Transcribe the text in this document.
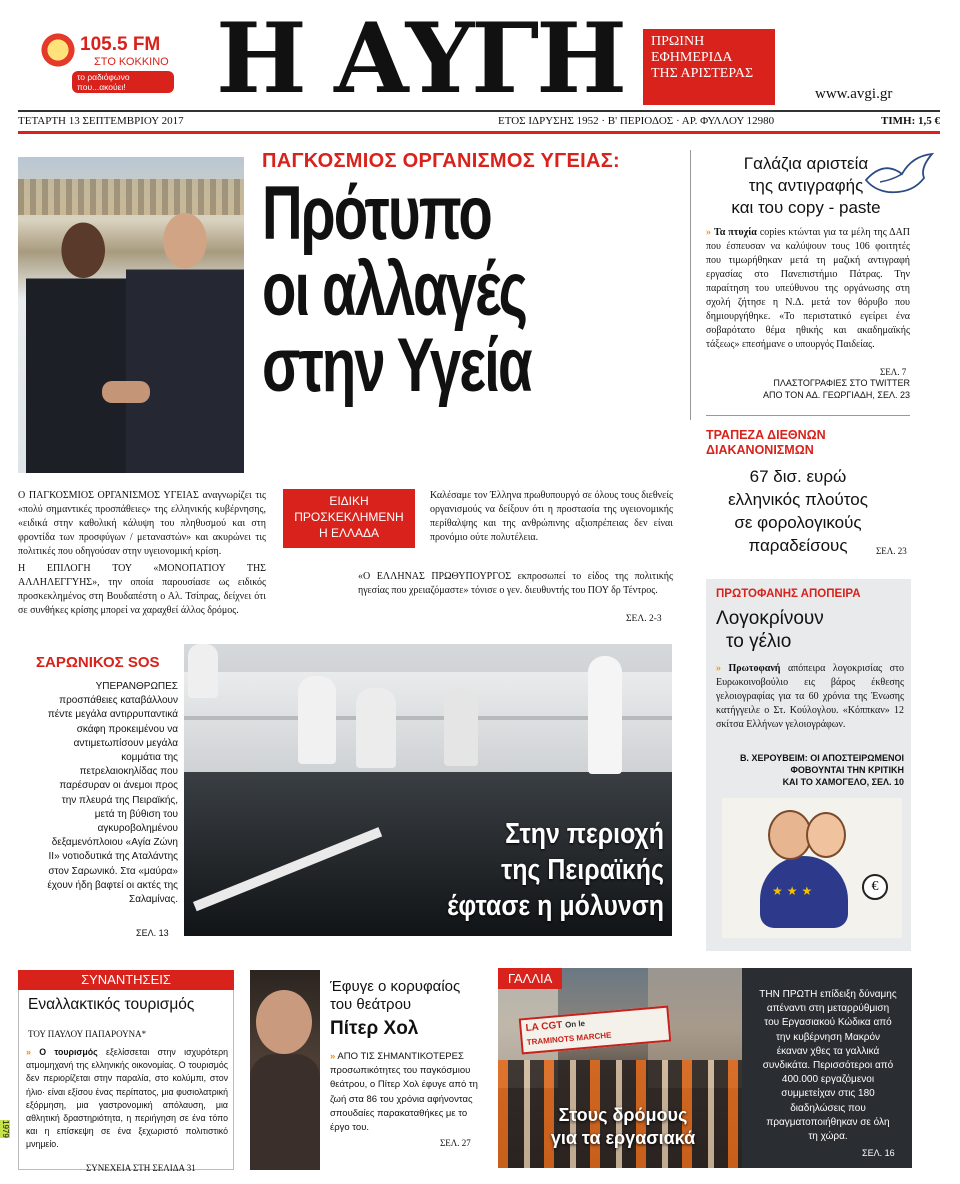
105.5 FM
ΣΤΟ ΚΟΚΚΙΝΟ
το ραδιόφωνο που...ακούει! Η ΑΥΓΗ ΠΡΩΙΝΗ
ΕΦΗΜΕΡΙΔΑ
ΤΗΣ ΑΡΙΣΤΕΡΑΣ
www.avgi.gr
ΤΕΤΑΡΤΗ 13 ΣΕΠΤΕΜΒΡΙΟΥ 2017	ΕΤΟΣ ΙΔΡΥΣΗΣ 1952 · Β' ΠΕΡΙΟΔΟΣ · ΑΡ. ΦΥΛΛΟΥ 12980	ΤΙΜΗ: 1,5 €
ΠΑΓΚΟΣΜΙΟΣ ΟΡΓΑΝΙΣΜΟΣ ΥΓΕΙΑΣ:
Πρότυπο
οι αλλαγές
στην Υγεία

Ο ΠΑΓΚΟΣΜΙΟΣ ΟΡΓΑΝΙΣΜΟΣ ΥΓΕΙΑΣ αναγνωρίζει τις «πολύ σημαντικές προσπάθειες» της ελληνικής κυβέρνησης, «ειδικά στην καθολική κάλυψη του πληθυσμού και στη φροντίδα των προσφύγων / μεταναστών» και ακυρώνει τις πολιτικές που οδηγούσαν στην υγειονομική κρίση.

Η ΕΠΙΛΟΓΗ ΤΟΥ «ΜΟΝΟΠΑΤΙΟΥ ΤΗΣ ΑΛΛΗΛΕΓΓΥΗΣ», την οποία παρουσίασε ως ειδικός προσκεκλημένος στη Βουδαπέστη ο Αλ. Τσίπρας, δείχνει ότι σε συνθήκες κρίσης μπορεί να χαραχθεί άλλος δρόμος.

ΕΙΔΙΚΗ
ΠΡΟΣΚΕΚΛΗΜΕΝΗ
Η ΕΛΛΑΔΑ

Καλέσαμε τον Έλληνα πρωθυπουργό σε όλους τους διεθνείς οργανισμούς να δείξουν ότι η προστασία της υγειονομικής περίθαλψης και της ανθρώπινης αξιοπρέπειας δεν είναι προνόμιο ούτε πολυτέλεια.

«Ο ΕΛΛΗΝΑΣ ΠΡΩΘΥΠΟΥΡΓΟΣ εκπροσωπεί το είδος της πολιτικής ηγεσίας που χρειαζόμαστε» τόνισε ο γεν. διευθυντής του ΠΟΥ δρ Τέντρος.
ΣΕΛ. 2-3
Γαλάζια αριστεία
της αντιγραφής
και του copy - paste
» Τα πτυχία copies κτώνται για τα μέλη της ΔΑΠ που έσπευσαν να καλύψουν τους 106 φοιτητές που τιμωρήθηκαν μετά τη μαζική αντιγραφή εργασίας στο Πανεπιστήμιο Πάτρας. Την παραίτηση του υπεύθυνου της οργάνωσης στη σχολή ζήτησε η Ν.Δ. μετά τον θόρυβο που δημιουργήθηκε. «Το περιστατικό εγείρει ένα σοβαρότατο θέμα ηθικής και ακαδημαϊκής τάξεως» επεσήμανε ο υπουργός Παιδείας.
ΣΕΛ. 7
ΠΛΑΣΤΟΓΡΑΦΙΕΣ ΣΤΟ TWITTER
ΑΠΟ ΤΟΝ ΑΔ. ΓΕΩΡΓΙΑΔΗ, ΣΕΛ. 23
ΤΡΑΠΕΖΑ ΔΙΕΘΝΩΝ
ΔΙΑΚΑΝΟΝΙΣΜΩΝ
67 δισ. ευρώ
ελληνικός πλούτος
σε φορολογικούς
παραδείσους	ΣΕΛ. 23
ΠΡΩΤΟΦΑΝΗΣ ΑΠΟΠΕΙΡΑ
Λογοκρίνουν
το γέλιο
» Πρωτοφανή απόπειρα λογοκρισίας στο Ευρωκοινοβούλιο εις βάρος έκθεσης γελοιογραφίας για τα 60 χρόνια της Ένωσης κατήγγειλε ο Στ. Κούλογλου. «Κόππκαν» 12 σκίτσα Ελλήνων γελοιογράφων.
Β. ΧΕΡΟΥΒΕΙΜ: ΟΙ ΑΠΟΣΤΕΙΡΩΜΕΝΟΙ
ΦΟΒΟΥΝΤΑΙ ΤΗΝ ΚΡΙΤΙΚΗ
ΚΑΙ ΤΟ ΧΑΜΟΓΕΛΟ, ΣΕΛ. 10
€
★★★
ΣΑΡΩΝΙΚΟΣ SOS
ΥΠΕΡΑΝΘΡΩΠΕΣ
προσπάθειες καταβάλλουν
πέντε μεγάλα αντιρρυπαντικά
σκάφη προκειμένου να
αντιμετωπίσουν μεγάλα
κομμάτια της
πετρελαιοκηλίδας που
παρέσυραν οι άνεμοι προς
την πλευρά της Πειραϊκής,
μετά τη βύθιση του
αγκυροβολημένου
δεξαμενόπλοιου «Αγία Ζώνη
ΙΙ» νοτιοδυτικά της Αταλάντης
στον Σαρωνικό. Στα «μαύρα»
έχουν ήδη βαφτεί οι ακτές της
Σαλαμίνας.
ΣΕΛ. 13
Στην περιοχή
της Πειραϊκής
έφτασε η μόλυνση
ΣΥΝΑΝΤΗΣΕΙΣ
Εναλλακτικός τουρισμός
ΤΟΥ ΠΑΥΛΟΥ ΠΑΠΑΡΟΥΝΑ*
» Ο τουρισμός εξελίσσεται στην ισχυρότερη ατμομηχανή της ελληνικής οικονομίας. Ο τουρισμός δεν περιορίζεται στην παραλία, στο κολύμπι, στον ήλιο· είναι εξίσου ένας περίπατος, μια φυσιολατρική εξόρμηση, μια γαστρονομική απόλαυση, μια αθλητική δραστηριότητα, η περιήγηση σε ένα τόπο και η επίσκεψη σε ένα ξεχωριστό πολιτιστικό μνημείο.
ΣΥΝΕΧΕΙΑ ΣΤΗ ΣΕΛΙΔΑ 31
Έφυγε ο κορυφαίος
του θεάτρου
Πίτερ Χολ
» ΑΠΟ ΤΙΣ ΣΗΜΑΝΤΙΚΟΤΕΡΕΣ προσωπικότητες του παγκόσμιου θεάτρου, ο Πίτερ Χολ έφυγε από τη ζωή στα 86 του χρόνια αφήνοντας σπουδαίες παρακαταθήκες με το έργο του.
ΣΕΛ. 27
LA CGT On le
TRAMINOTS MARCHE
ΓΑΛΛΙΑ
Στους δρόμους
για τα εργασιακά
ΤΗΝ ΠΡΩΤΗ επίδειξη δύναμης
απέναντι στη μεταρρύθμιση
του Εργασιακού Κώδικα από
την κυβέρνηση Μακρόν
έκαναν χθες τα γαλλικά
συνδικάτα. Περισσότεροι από
400.000 εργαζόμενοι
συμμετείχαν στις 180
διαδηλώσεις που
πραγματοποιήθηκαν σε όλη
τη χώρα.
ΣΕΛ. 16
1979
